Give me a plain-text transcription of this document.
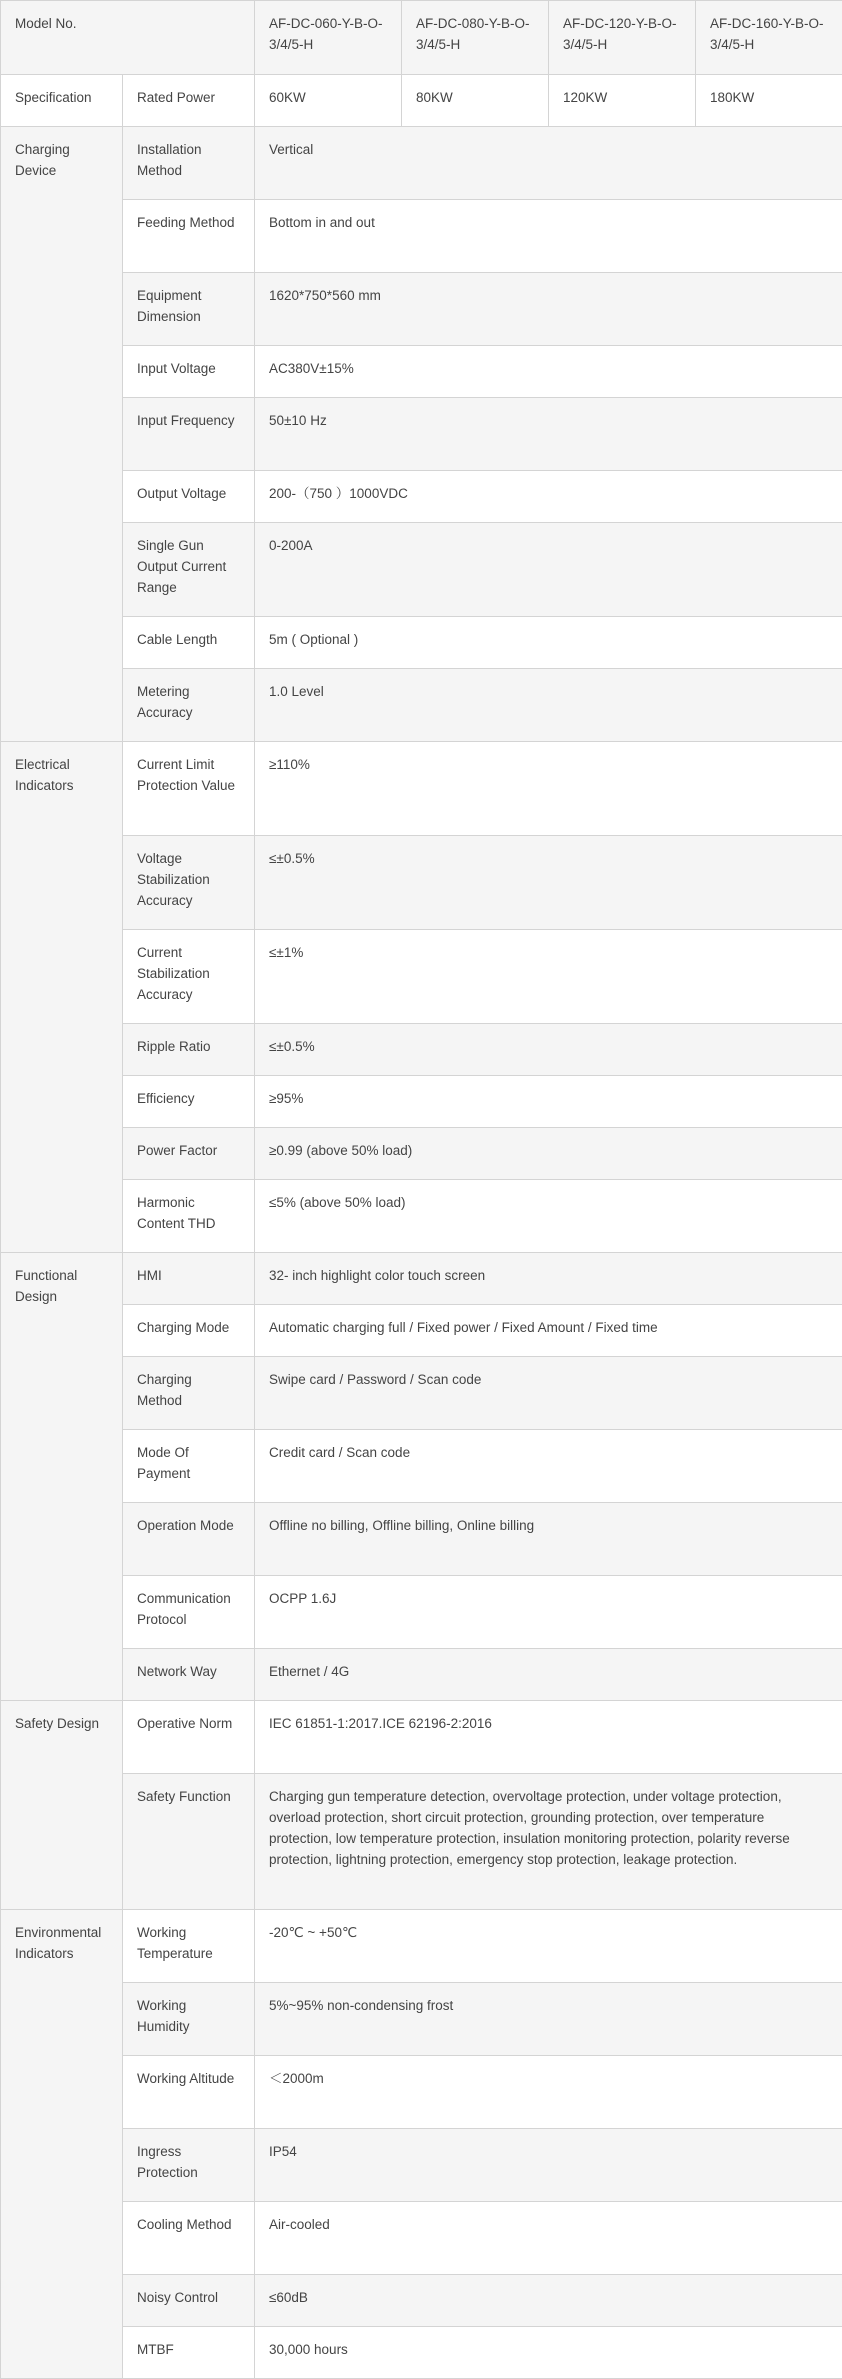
Model No.		AF-DC-060-Y-B-O-3/4/5-H	AF-DC-080-Y-B-O-3/4/5-H	AF-DC-120-Y-B-O-3/4/5-H	AF-DC-160-Y-B-O-3/4/5-H
Specification	Rated Power	60KW	80KW	120KW	180KW
Charging Device	Installation Method	Vertical			
	Feeding Method	Bottom in and out			
	Equipment Dimension	1620*750*560 mm			
	Input Voltage	AC380V±15%			
	Input Frequency	50±10 Hz			
	Output Voltage	200-（750 ）1000VDC			
	Single Gun Output Current Range	0-200A			
	Cable Length	5m ( Optional )			
	Metering Accuracy	1.0 Level			
Electrical Indicators	Current Limit Protection Value	≥110%			
	Voltage Stabilization Accuracy	≤±0.5%			
	Current Stabilization Accuracy	≤±1%			
	Ripple Ratio	≤±0.5%			
	Efficiency	≥95%			
	Power Factor	≥0.99 (above 50% load)			
	Harmonic Content THD	≤5% (above 50% load)			
Functional Design	HMI	32- inch highlight color touch screen			
	Charging Mode	Automatic charging full / Fixed power / Fixed Amount / Fixed time			
	Charging Method	Swipe card / Password / Scan code			
	Mode Of Payment	Credit card / Scan code			
	Operation Mode	Offline no billing, Offline billing, Online billing			
	Communication Protocol	OCPP 1.6J			
	Network Way	Ethernet / 4G			
Safety Design	Operative Norm	IEC 61851-1:2017.ICE 62196-2:2016			
	Safety Function	Charging gun temperature detection, overvoltage protection, under voltage protection, overload protection, short circuit protection, grounding protection, over temperature protection, low temperature protection, insulation monitoring protection, polarity reverse protection, lightning protection, emergency stop protection, leakage protection.			
Environmental Indicators	Working Temperature	-20℃ ~ +50℃			
	Working Humidity	5%~95% non-condensing frost			
	Working Altitude	＜2000m			
	Ingress Protection	IP54			
	Cooling Method	Air-cooled			
	Noisy Control	≤60dB			
	MTBF	30,000 hours			
